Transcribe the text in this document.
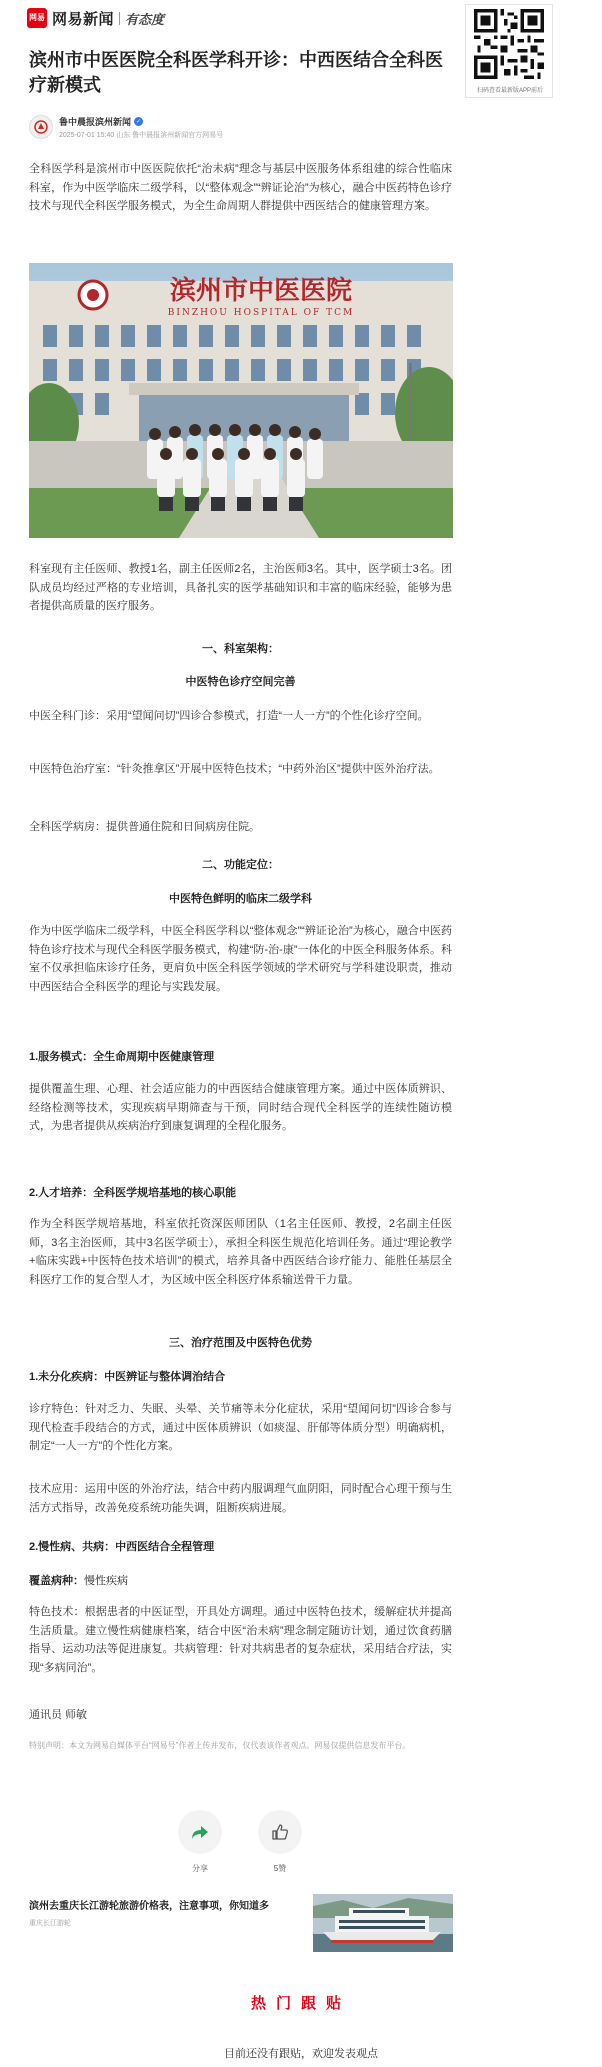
网易 网易新闻 有态度
扫码查看最新版APP前后
滨州市中医医院全科医学科开诊：中西医结合全科医疗新模式
鲁中晨报滨州新闻 ✓
2025-07-01 15:40 山东 鲁中晨报滨州新闻官方网易号

全科医学科是滨州市中医医院依托“治未病”理念与基层中医服务体系组建的综合性临床科室，作为中医学临床二级学科，以“整体观念”“辨证论治”为核心，融合中医药特色诊疗技术与现代全科医学服务模式，为全生命周期人群提供中西医结合的健康管理方案。

滨州市中医医院
BINZHOU HOSPITAL OF TCM

科室现有主任医师、教授1名，副主任医师2名，主治医师3名。其中，医学硕士3名。团队成员均经过严格的专业培训，具备扎实的医学基础知识和丰富的临床经验，能够为患者提供高质量的医疗服务。

一、科室架构：
中医特色诊疗空间完善

中医全科门诊：采用“望闻问切”四诊合参模式，打造“一人一方”的个性化诊疗空间。

中医特色治疗室：“针灸推拿区”开展中医特色技术；“中药外治区”提供中医外治疗法。

全科医学病房：提供普通住院和日间病房住院。

二、功能定位：
中医特色鲜明的临床二级学科

作为中医学临床二级学科，中医全科医学科以“整体观念”“辨证论治”为核心，融合中医药特色诊疗技术与现代全科医学服务模式，构建“防-治-康”一体化的中医全科服务体系。科室不仅承担临床诊疗任务，更肩负中医全科医学领域的学术研究与学科建设职责，推动中西医结合全科医学的理论与实践发展。

1.服务模式：全生命周期中医健康管理

提供覆盖生理、心理、社会适应能力的中西医结合健康管理方案。通过中医体质辨识、经络检测等技术，实现疾病早期筛查与干预，同时结合现代全科医学的连续性随访模式，为患者提供从疾病治疗到康复调理的全程化服务。

2.人才培养：全科医学规培基地的核心职能

作为全科医学规培基地，科室依托资深医师团队（1名主任医师、教授，2名副主任医师，3名主治医师，其中3名医学硕士），承担全科医生规范化培训任务。通过“理论教学+临床实践+中医特色技术培训”的模式，培养具备中西医结合诊疗能力、能胜任基层全科医疗工作的复合型人才，为区域中医全科医疗体系输送骨干力量。

三、治疗范围及中医特色优势
1.未分化疾病：中医辨证与整体调治结合

诊疗特色：针对乏力、失眠、头晕、关节痛等未分化症状，采用“望闻问切”四诊合参与现代检查手段结合的方式，通过中医体质辨识（如痰湿、肝郁等体质分型）明确病机，制定“一人一方”的个性化方案。

技术应用：运用中医的外治疗法，结合中药内服调理气血阴阳，同时配合心理干预与生活方式指导，改善免疫系统功能失调，阻断疾病进展。

2.慢性病、共病：中西医结合全程管理
覆盖病种：慢性疾病

特色技术：根据患者的中医证型，开具处方调理。通过中医特色技术，缓解症状并提高生活质量。建立慢性病健康档案，结合中医“治未病”理念制定随访计划，通过饮食药膳指导、运动功法等促进康复。共病管理：针对共病患者的复杂症状，采用结合疗法，实现“多病同治”。

通讯员 师敏

特别声明：本文为网易自媒体平台“网易号”作者上传并发布，仅代表该作者观点。网易仅提供信息发布平台。
分享	5赞
滨州去重庆长江游轮旅游价格表，注意事项，你知道多
重庆长江游轮
热门跟贴
目前还没有跟贴，欢迎发表观点
